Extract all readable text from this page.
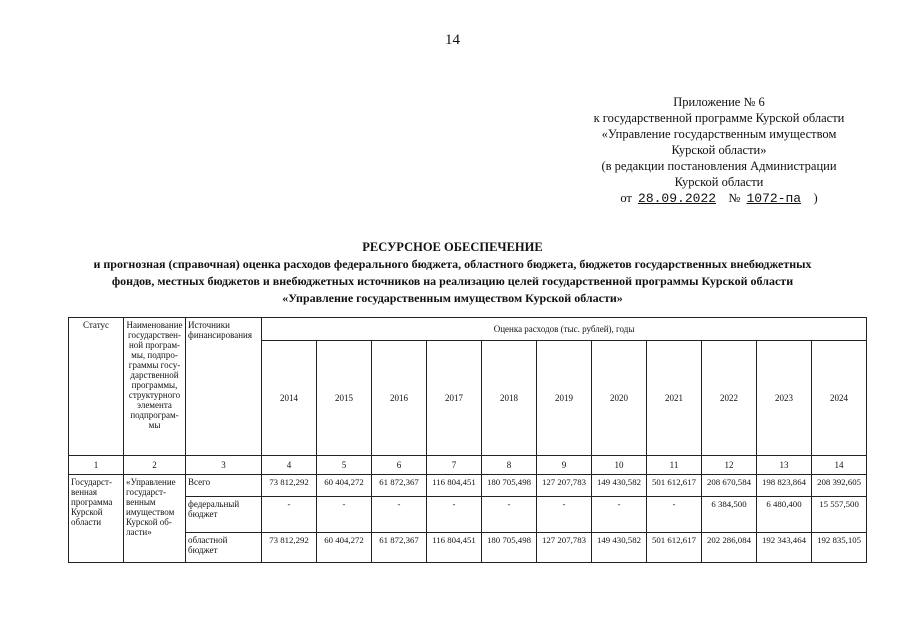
14
Приложение № 6
к государственной программе Курской области
«Управление государственным имуществом
Курской области»
(в редакции постановления Администрации
Курской области
от 28.09.2022 № 1072-па )
РЕСУРСНОЕ ОБЕСПЕЧЕНИЕ
и прогнозная (справочная) оценка расходов федерального бюджета, областного бюджета, бюджетов государственных внебюджетных
фондов, местных бюджетов и внебюджетных источников на реализацию целей государственной программы Курской области
«Управление государственным имуществом Курской области»
Статус	Наименование государствен-ной програм-мы, подпро-граммы госу-дарственной программы, структурного элемента подпрограм-мы	Источники финансирования	Оценка расходов (тыс. рублей), годы										
			2014	2015	2016	2017	2018	2019	2020	2021	2022	2023	2024
1	2	3	4	5	6	7	8	9	10	11	12	13	14
Государст-венная программа Курской области	«Управление государст-венным имуществом Курской об-ласти»	Всего	73 812,292	60 404,272	61 872,367	116 804,451	180 705,498	127 207,783	149 430,582	501 612,617	208 670,584	198 823,864	208 392,605
		федеральный бюджет	-	-	-	-	-	-	-	-	6 384,500	6 480,400	15 557,500
		областной бюджет	73 812,292	60 404,272	61 872,367	116 804,451	180 705,498	127 207,783	149 430,582	501 612,617	202 286,084	192 343,464	192 835,105
